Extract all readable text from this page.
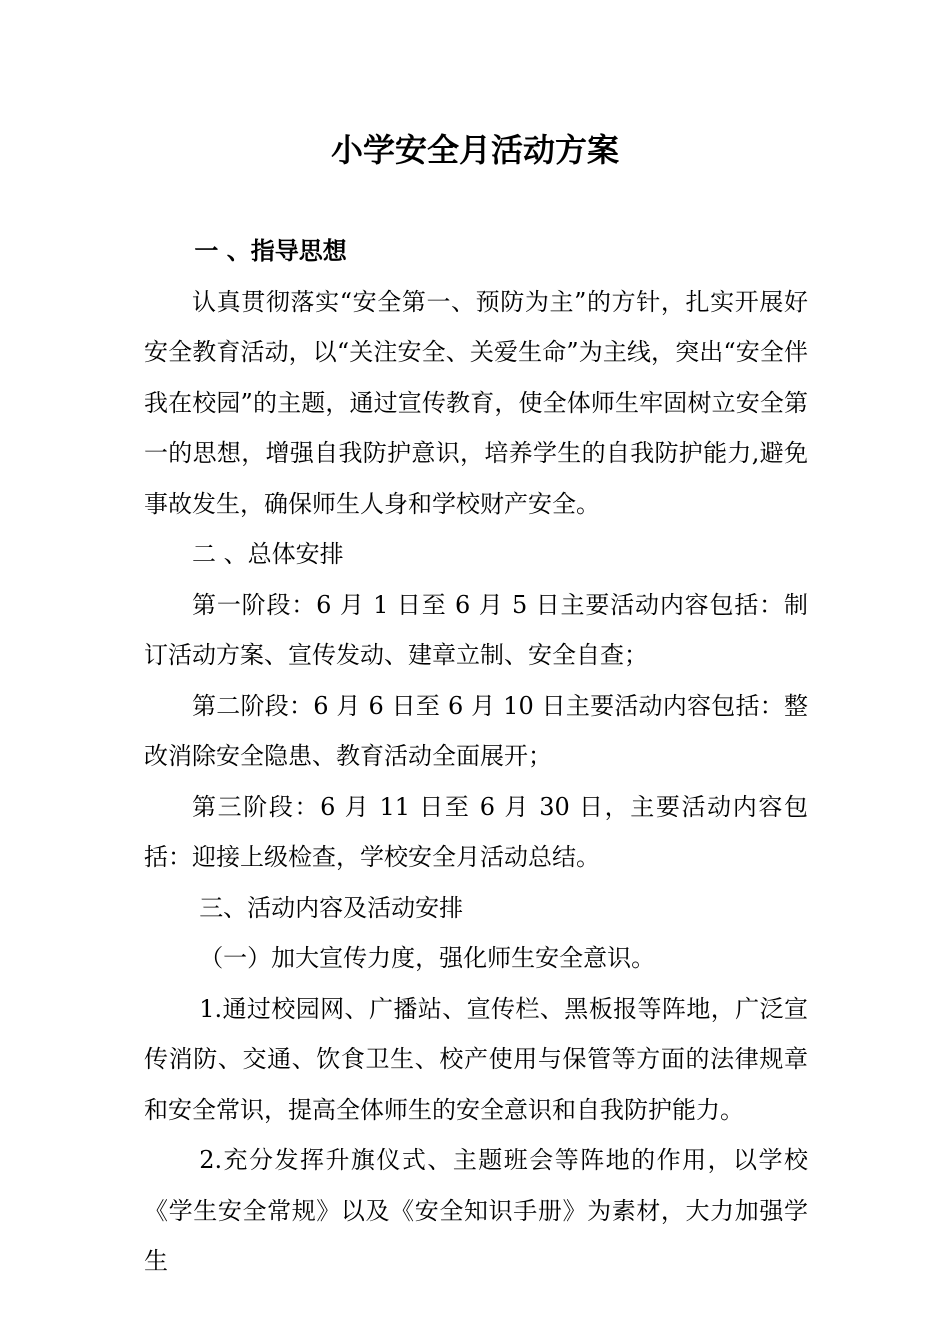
小学安全月活动方案

一 、指导思想

认真贯彻落实“安全第一、预防为主”的方针，扎实开展好安全教育活动，以“关注安全、关爱生命”为主线，突出“安全伴我在校园”的主题，通过宣传教育，使全体师生牢固树立安全第一的思想，增强自我防护意识，培养学生的自我防护能力,避免事故发生，确保师生人身和学校财产安全。

二 、总体安排

第一阶段：6 月 1 日至 6 月 5 日主要活动内容包括：制订活动方案、宣传发动、建章立制、安全自查；

第二阶段：6 月 6 日至 6 月 10 日主要活动内容包括：整改消除安全隐患、教育活动全面展开；

第三阶段：6 月 11 日至 6 月 30 日，主要活动内容包括：迎接上级检查，学校安全月活动总结。

三、活动内容及活动安排

（一）加大宣传力度，强化师生安全意识。

1.通过校园网、广播站、宣传栏、黑板报等阵地，广泛宣传消防、交通、饮食卫生、校产使用与保管等方面的法律规章和安全常识，提高全体师生的安全意识和自我防护能力。

2.充分发挥升旗仪式、主题班会等阵地的作用，以学校《学生安全常规》以及《安全知识手册》为素材，大力加强学生
